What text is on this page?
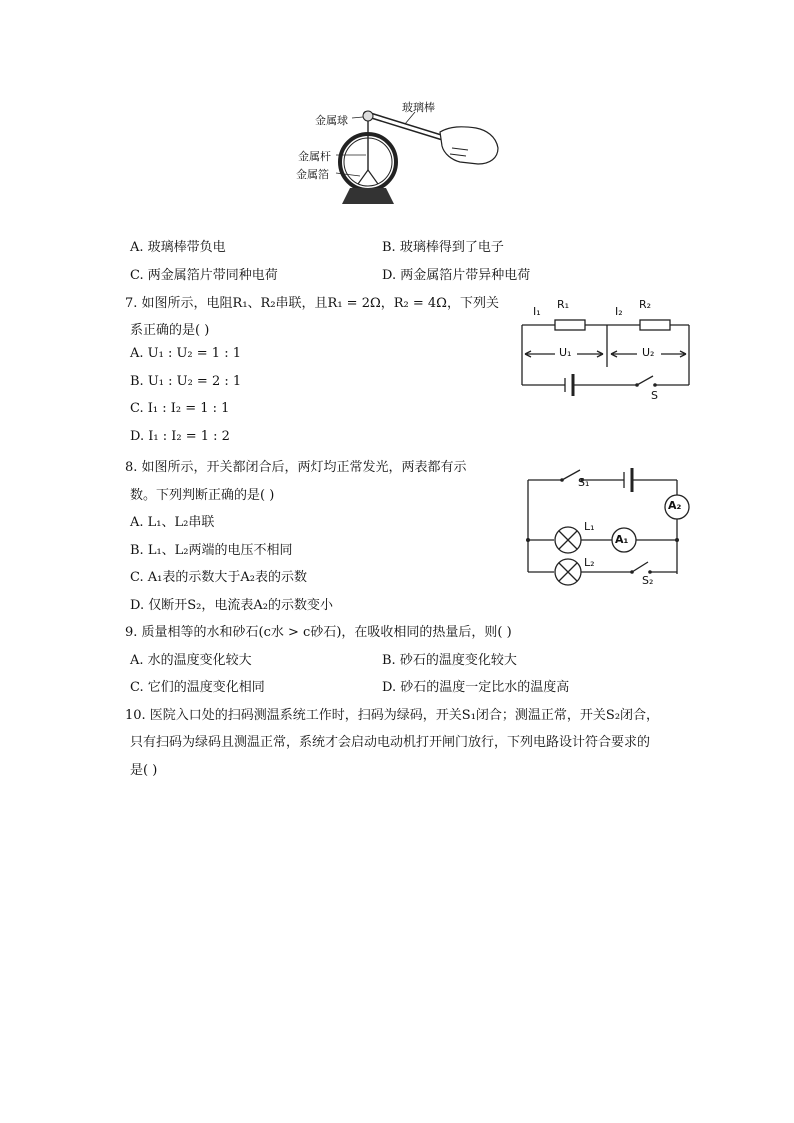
玻璃棒
金属球
金属杆
金属箔
A. 玻璃棒带负电	B. 玻璃棒得到了电子
C. 两金属箔片带同种电荷	D. 两金属箔片带异种电荷
7. 如图所示，电阻R₁、R₂串联，且R₁ = 2Ω，R₂ = 4Ω，下列关
系正确的是( )
A. U₁ : U₂ = 1 : 1
B. U₁ : U₂ = 2 : 1
C. I₁ : I₂ = 1 : 1
D. I₁ : I₂ = 1 : 2
I₁
R₁
I₂
R₂
U₁	U₂
S
8. 如图所示，开关都闭合后，两灯均正常发光，两表都有示
数。下列判断正确的是( )
A. L₁、L₂串联
B. L₁、L₂两端的电压不相同
C. A₁表的示数大于A₂表的示数
D. 仅断开S₂，电流表A₂的示数变小
S₁
A₂
L₁
A₁
L₂
S₂
9. 质量相等的水和砂石(c水 > c砂石)，在吸收相同的热量后，则( )
A. 水的温度变化较大	B. 砂石的温度变化较大
C. 它们的温度变化相同	D. 砂石的温度一定比水的温度高
10. 医院入口处的扫码测温系统工作时，扫码为绿码，开关S₁闭合；测温正常，开关S₂闭合，
只有扫码为绿码且测温正常，系统才会启动电动机打开闸门放行，下列电路设计符合要求的
是( )
